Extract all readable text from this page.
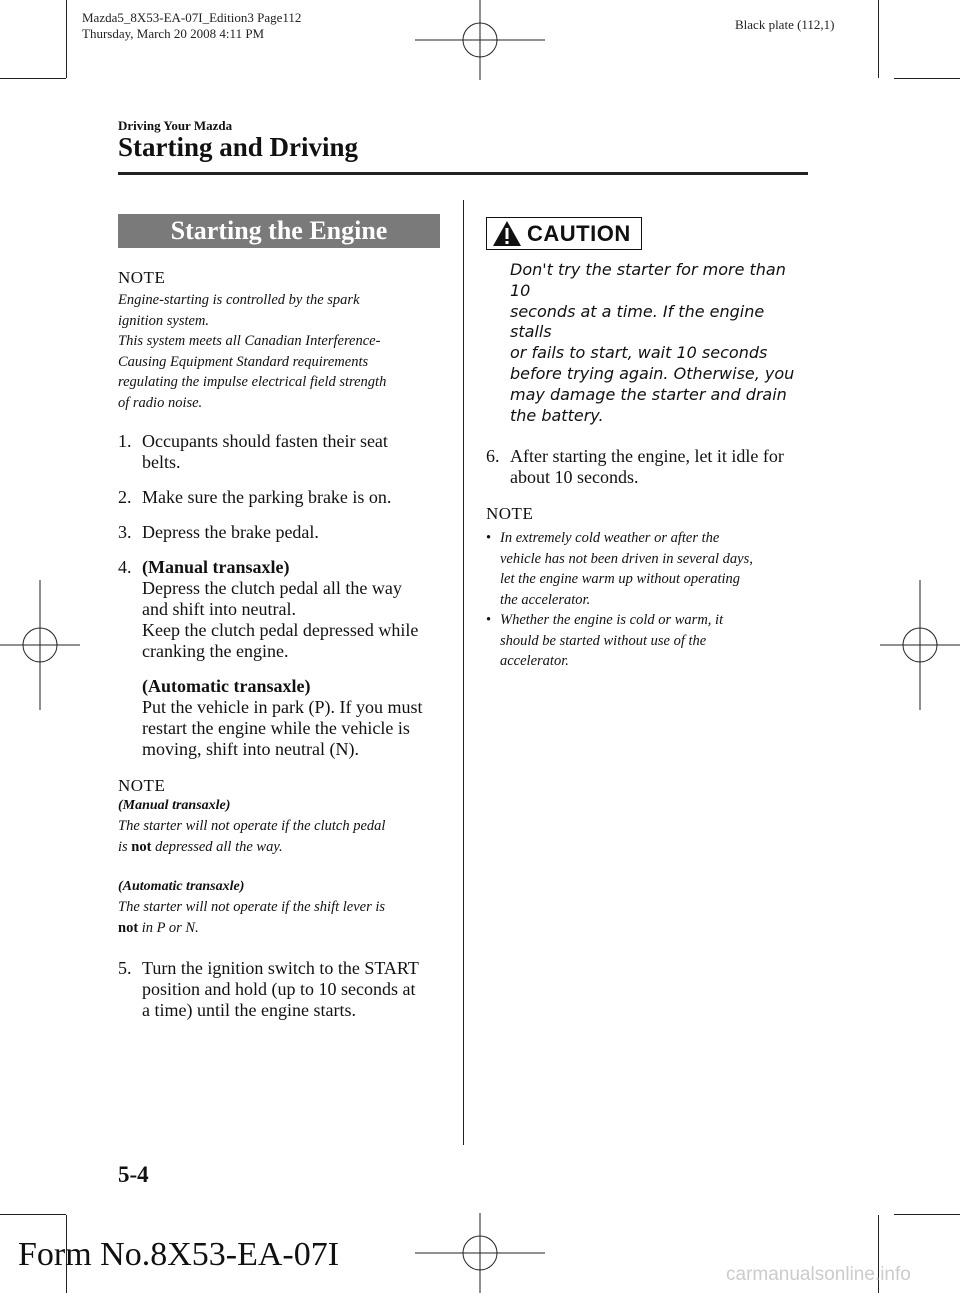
Mazda5_8X53-EA-07I_Edition3 Page112
Thursday, March 20 2008 4:11 PM
Black plate (112,1)
Driving Your Mazda
Starting and Driving
Starting the Engine
NOTE
Engine-starting is controlled by the spark
ignition system.
This system meets all Canadian Interference-
Causing Equipment Standard requirements
regulating the impulse electrical field strength
of radio noise.
1. Occupants should fasten their seat

belts.

2. Make sure the parking brake is on.

3. Depress the brake pedal.

4. (Manual transaxle)

Depress the clutch pedal all the way

and shift into neutral.

Keep the clutch pedal depressed while

cranking the engine.

(Automatic transaxle)

Put the vehicle in park (P). If you must

restart the engine while the vehicle is

moving, shift into neutral (N).

NOTE
(Manual transaxle)
The starter will not operate if the clutch pedal
is not depressed all the way.
(Automatic transaxle)
The starter will not operate if the shift lever is
not in P or N.
5. Turn the ignition switch to the START

position and hold (up to 10 seconds at

a time) until the engine starts.

CAUTION
Don't try the starter for more than 10
seconds at a time. If the engine stalls
or fails to start, wait 10 seconds
before trying again. Otherwise, you
may damage the starter and drain
the battery.
6. After starting the engine, let it idle for

about 10 seconds.

NOTE
• In extremely cold weather or after the
vehicle has not been driven in several days,
let the engine warm up without operating
the accelerator.
• Whether the engine is cold or warm, it
should be started without use of the
accelerator.
5-4
Form No.8X53-EA-07I
carmanualsonline.info
